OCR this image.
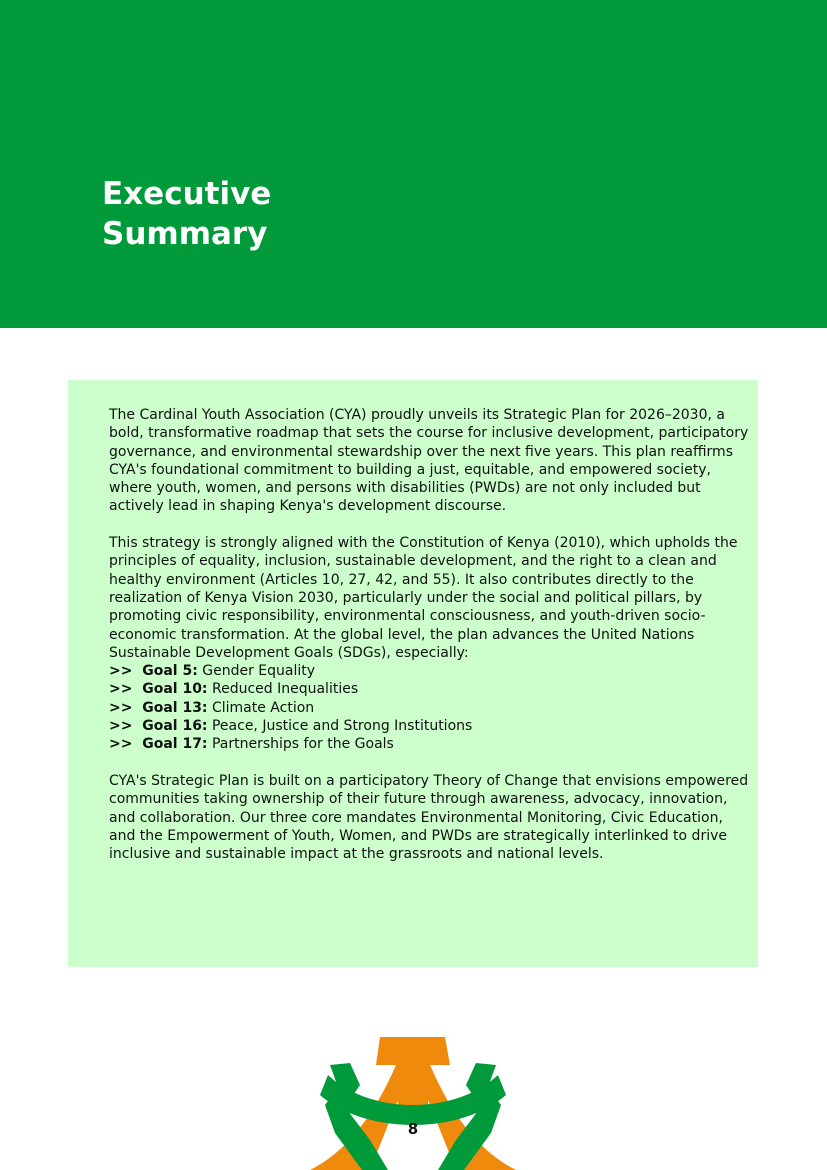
Executive
Summary

The Cardinal Youth Association (CYA) proudly unveils its Strategic Plan for 2026–2030, a bold, transformative roadmap that sets the course for inclusive development, participatory governance, and environmental stewardship over the next five years. This plan reaffirms CYA's foundational commitment to building a just, equitable, and empowered society, where youth, women, and persons with disabilities (PWDs) are not only included but actively lead in shaping Kenya's development discourse.

This strategy is strongly aligned with the Constitution of Kenya (2010), which upholds the principles of equality, inclusion, sustainable development, and the right to a clean and healthy environment (Articles 10, 27, 42, and 55). It also contributes directly to the realization of Kenya Vision 2030, particularly under the social and political pillars, by promoting civic responsibility, environmental consciousness, and youth-driven socio-economic transformation. At the global level, the plan advances the United Nations Sustainable Development Goals (SDGs), especially:

>> Goal 5: Gender Equality
>> Goal 10: Reduced Inequalities
>> Goal 13: Climate Action
>> Goal 16: Peace, Justice and Strong Institutions
>> Goal 17: Partnerships for the Goals

CYA's Strategic Plan is built on a participatory Theory of Change that envisions empowered communities taking ownership of their future through awareness, advocacy, innovation, and collaboration. Our three core mandates Environmental Monitoring, Civic Education, and the Empowerment of Youth, Women, and PWDs are strategically interlinked to drive inclusive and sustainable impact at the grassroots and national levels.

8
